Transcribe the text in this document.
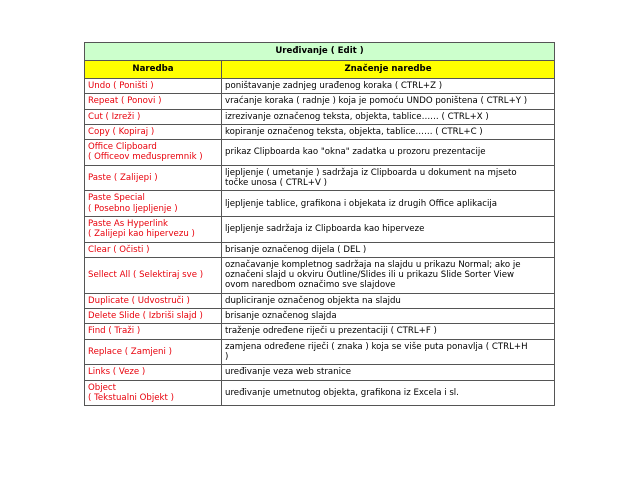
Uređivanje ( Edit )	
Naredba	Značenje naredbe

Undo ( Poništi )	poništavanje zadnjeg urađenog koraka ( CTRL+Z )

Repeat ( Ponovi )	vraćanje koraka ( radnje ) koja je pomoću UNDO poništena ( CTRL+Y )

Cut ( Izreži )	izrezivanje označenog teksta, objekta, tablice…… ( CTRL+X )

Copy ( Kopiraj )	kopiranje označenog teksta, objekta, tablice…… ( CTRL+C )

Office Clipboard
( Officeov međuspremnik )	prikaz Clipboarda kao "okna" zadatka u prozoru prezentacije

Paste ( Zalijepi )	ljepljenje ( umetanje ) sadržaja iz Clipboarda u dokument na mjseto
točke unosa ( CTRL+V )

Paste Special
( Posebno ljepljenje )	ljepljenje tablice, grafikona i objekata iz drugih Office aplikacija

Paste As Hyperlink
( Zalijepi kao hipervezu )	ljepljenje sadržaja iz Clipboarda kao hiperveze

Clear ( Očisti )	brisanje označenog dijela ( DEL )

Sellect All ( Selektiraj sve )	označavanje kompletnog sadržaja na slajdu u prikazu Normal; ako je
označeni slajd u okviru Outline/Slides ili u prikazu Slide Sorter View
ovom naredbom označimo sve slajdove

Duplicate ( Udvostruči )	dupliciranje označenog objekta na slajdu

Delete Slide ( Izbriši slajd )	brisanje označenog slajda

Find ( Traži )	traženje određene riječi u prezentaciji ( CTRL+F )

Replace ( Zamjeni )	zamjena određene riječi ( znaka ) koja se više puta ponavlja ( CTRL+H
)

Links ( Veze )	uređivanje veza web stranice

Object
( Tekstualni Objekt )	uređivanje umetnutog objekta, grafikona iz Excela i sl.
